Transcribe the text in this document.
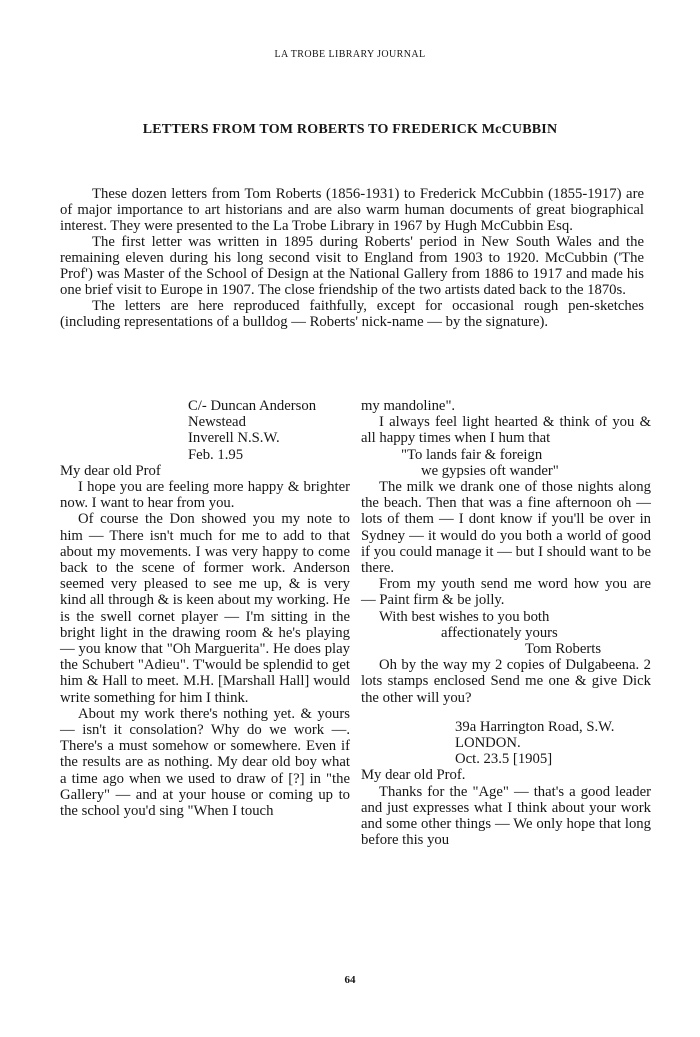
LA TROBE LIBRARY JOURNAL
LETTERS FROM TOM ROBERTS TO FREDERICK McCUBBIN

These dozen letters from Tom Roberts (1856-1931) to Frederick McCubbin (1855-1917) are of major importance to art historians and are also warm human documents of great biographical interest. They were presented to the La Trobe Library in 1967 by Hugh McCubbin Esq.

The first letter was written in 1895 during Roberts' period in New South Wales and the remaining eleven during his long second visit to England from 1903 to 1920. McCubbin ('The Prof') was Master of the School of Design at the National Gallery from 1886 to 1917 and made his one brief visit to Europe in 1907. The close friendship of the two artists dated back to the 1870s.

The letters are here reproduced faithfully, except for occasional rough pen-sketches (including representations of a bulldog — Roberts' nick-name — by the signature).

C/- Duncan Anderson
Newstead
Inverell N.S.W.
Feb. 1.95

My dear old Prof

I hope you are feeling more happy & brighter now. I want to hear from you.

Of course the Don showed you my note to him — There isn't much for me to add to that about my movements. I was very happy to come back to the scene of former work. Anderson seemed very pleased to see me up, & is very kind all through & is keen about my working. He is the swell cornet player — I'm sitting in the bright light in the drawing room & he's playing — you know that "Oh Marguerita". He does play the Schubert "Adieu". T'would be splendid to get him & Hall to meet. M.H. [Marshall Hall] would write something for him I think.

About my work there's nothing yet. & yours — isn't it consolation? Why do we work —. There's a must somehow or somewhere. Even if the results are as nothing. My dear old boy what a time ago when we used to draw of [?] in "the Gallery" — and at your house or coming up to the school you'd sing "When I touch

my mandoline".

I always feel light hearted & think of you & all happy times when I hum that

"To lands fair & foreign
we gypsies oft wander"

The milk we drank one of those nights along the beach. Then that was a fine afternoon oh — lots of them — I dont know if you'll be over in Sydney — it would do you both a world of good if you could manage it — but I should want to be there.

From my youth send me word how you are — Paint firm & be jolly.

With best wishes to you both
affectionately yours
Tom Roberts

Oh by the way my 2 copies of Dulgabeena. 2 lots stamps enclosed Send me one & give Dick the other will you?

39a Harrington Road, S.W.
LONDON.
Oct. 23.5 [1905]

My dear old Prof.

Thanks for the "Age" — that's a good leader and just expresses what I think about your work and some other things — We only hope that long before this you

64
